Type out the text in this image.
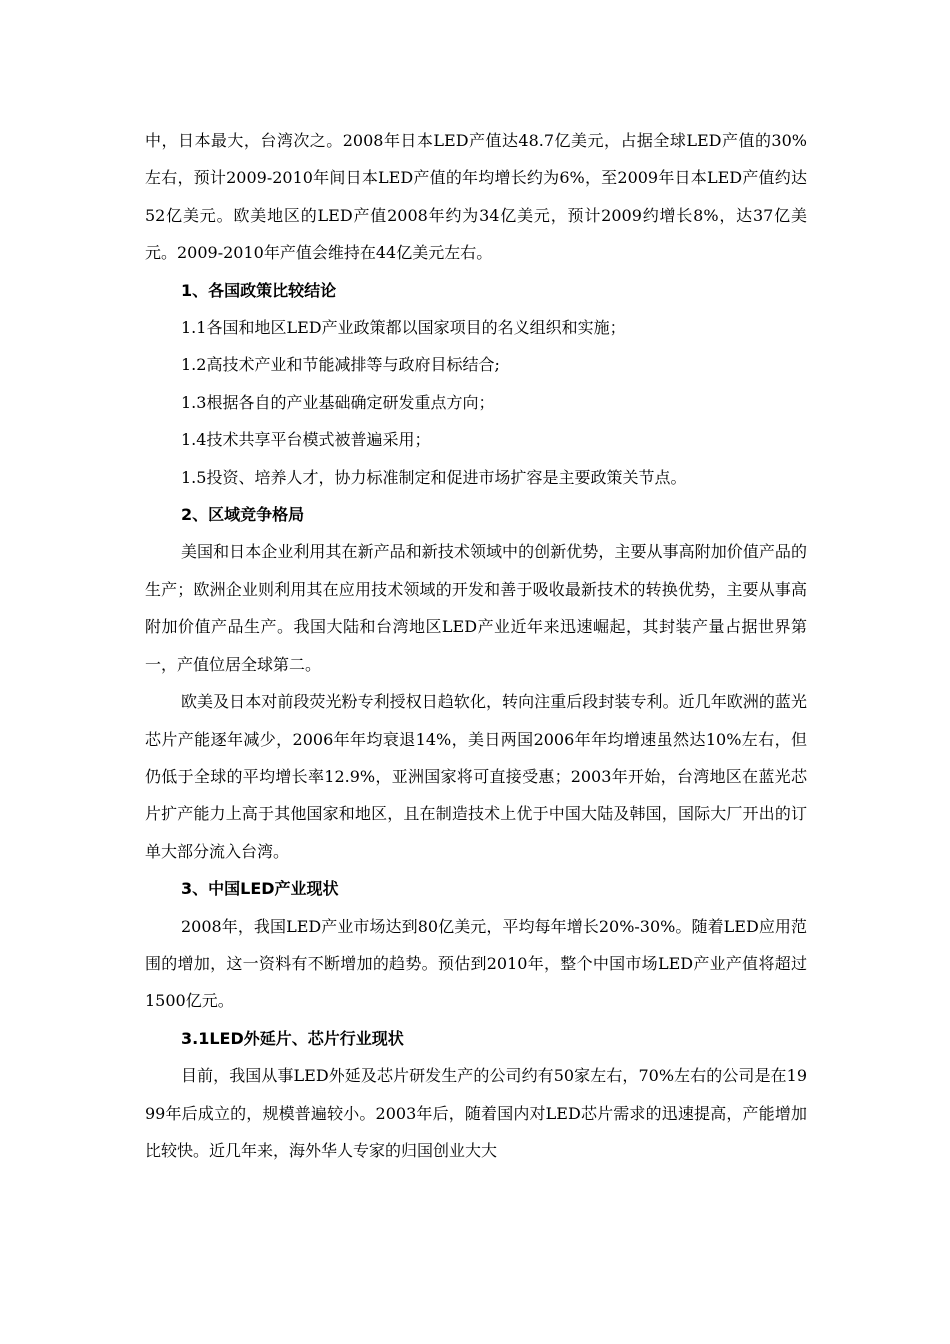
中，日本最大，台湾次之。2008年日本LED产值达48.7亿美元，占据全球LED产值的30%左右，预计2009-2010年间日本LED产值的年均增长约为6%，至2009年日本LED产值约达52亿美元。欧美地区的LED产值2008年约为34亿美元，预计2009约增长8%，达37亿美元。2009-2010年产值会维持在44亿美元左右。

1、各国政策比较结论

1.1各国和地区LED产业政策都以国家项目的名义组织和实施；

1.2高技术产业和节能减排等与政府目标结合;

1.3根据各自的产业基础确定研发重点方向；

1.4技术共享平台模式被普遍采用；

1.5投资、培养人才，协力标准制定和促进市场扩容是主要政策关节点。

2、区域竞争格局

美国和日本企业利用其在新产品和新技术领域中的创新优势，主要从事高附加价值产品的生产；欧洲企业则利用其在应用技术领域的开发和善于吸收最新技术的转换优势，主要从事高附加价值产品生产。我国大陆和台湾地区LED产业近年来迅速崛起，其封装产量占据世界第一，产值位居全球第二。

欧美及日本对前段荧光粉专利授权日趋软化，转向注重后段封装专利。近几年欧洲的蓝光芯片产能逐年减少，2006年年均衰退14%，美日两国2006年年均增速虽然达10%左右，但仍低于全球的平均增长率12.9%，亚洲国家将可直接受惠；2003年开始，台湾地区在蓝光芯片扩产能力上高于其他国家和地区，且在制造技术上优于中国大陆及韩国，国际大厂开出的订单大部分流入台湾。

3、中国LED产业现状

2008年，我国LED产业市场达到80亿美元，平均每年增长20%-30%。随着LED应用范围的增加，这一资料有不断增加的趋势。预估到2010年，整个中国市场LED产业产值将超过1500亿元。

3.1LED外延片、芯片行业现状

目前，我国从事LED外延及芯片研发生产的公司约有50家左右，70%左右的公司是在1999年后成立的，规模普遍较小。2003年后，随着国内对LED芯片需求的迅速提高，产能增加比较快。近几年来，海外华人专家的归国创业大大
